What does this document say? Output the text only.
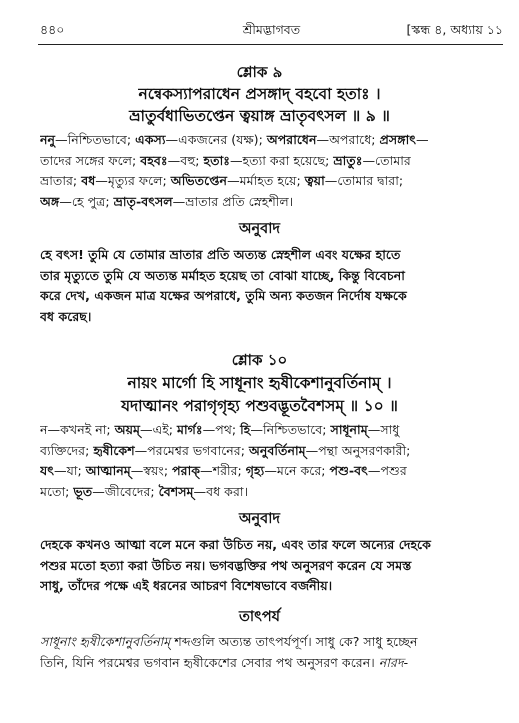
৪৪০	শ্রীমদ্ভাগবত	[স্কন্ধ ৪, অধ্যায় ১১
শ্লোক ৯
নন্বেকস্যাপরাধেন প্রসঙ্গাদ্ বহবো হতাঃ ।
ভ্রাতুর্বধাভিতপ্তেন ত্বয়াঙ্গ ভ্রাতৃবৎসল ॥ ৯ ॥
ননু—নিশ্চিতভাবে; একস্য—একজনের (যক্ষ); অপরাধেন—অপরাধে; প্রসঙ্গাৎ—
তাদের সঙ্গের ফলে; বহবঃ—বহু; হতাঃ—হত্যা করা হয়েছে; ভ্রাতুঃ—তোমার
ভ্রাতার; বধ—মৃত্যুর ফলে; অভিতপ্তেন—মর্মাহত হয়ে; ত্বয়া—তোমার দ্বারা;
অঙ্গ—হে পুত্র; ভ্রাতৃ-বৎসল—ভ্রাতার প্রতি স্নেহশীল।
অনুবাদ
হে বৎস! তুমি যে তোমার ভ্রাতার প্রতি অত্যন্ত স্নেহশীল এবং যক্ষের হাতে
তার মৃত্যুতে তুমি যে অত্যন্ত মর্মাহত হয়েছ তা বোঝা যাচ্ছে, কিন্তু বিবেচনা
করে দেখ, একজন মাত্র যক্ষের অপরাধে, তুমি অন্য কতজন নির্দোষ যক্ষকে
বধ করেছ।
শ্লোক ১০
নায়ং মার্গো হি সাধূনাং হৃষীকেশানুবর্তিনাম্ ।
যদাত্মানং পরাগৃগৃহ্য পশুবদ্ভূতবৈশসম্ ॥ ১০ ॥
ন—কখনই না; অয়ম্—এই; মার্গঃ—পথ; হি—নিশ্চিতভাবে; সাধূনাম্—সাধু
ব্যক্তিদের; হৃষীকেশ—পরমেশ্বর ভগবানের; অনুবর্তিনাম্—পন্থা অনুসরণকারী;
যৎ—যা; আত্মানম্—স্বয়ং; পরাক্—শরীর; গৃহ্য—মনে করে; পশু-বৎ—পশুর
মতো; ভূত—জীবেদের; বৈশসম্—বধ করা।
অনুবাদ
দেহকে কখনও আত্মা বলে মনে করা উচিত নয়, এবং তার ফলে অন্যের দেহকে
পশুর মতো হত্যা করা উচিত নয়। ভগবদ্ভক্তির পথ অনুসরণ করেন যে সমস্ত
সাধু, তাঁদের পক্ষে এই ধরনের আচরণ বিশেষভাবে বর্জনীয়।
তাৎপর্য
সাধূনাং হৃষীকেশানুবর্তিনাম্ শব্দগুলি অত্যন্ত তাৎপর্যপূর্ণ। সাধু কে? সাধু হচ্ছেন
তিনি, যিনি পরমেশ্বর ভগবান হৃষীকেশের সেবার পথ অনুসরণ করেন। নারদ-
